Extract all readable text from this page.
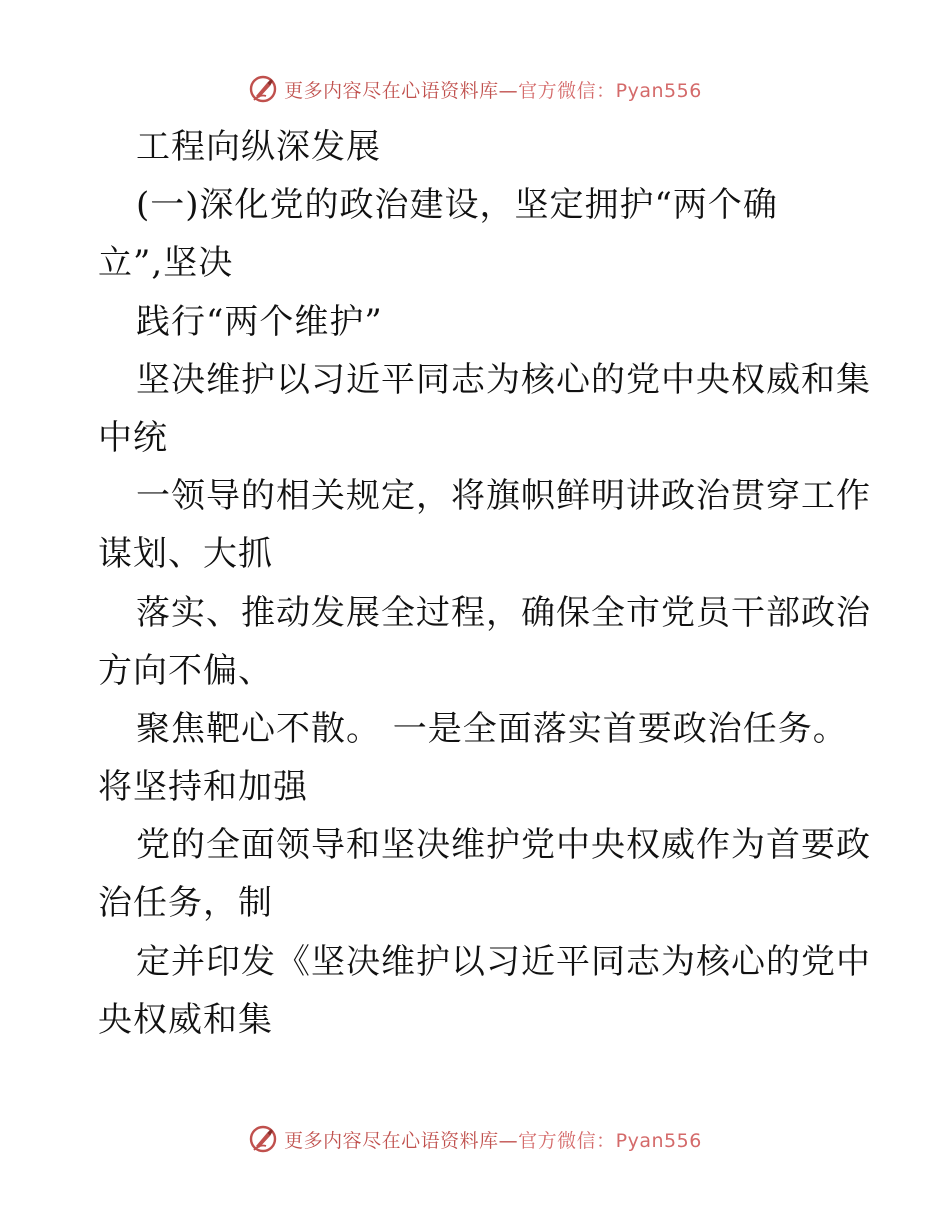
更多内容尽在心语资料库—官方微信：Pyan556
工程向纵深发展
(一)深化党的政治建设，坚定拥护“两个确
立”,坚决
践行“两个维护”
坚决维护以习近平同志为核心的党中央权威和集
中统
一领导的相关规定，将旗帜鲜明讲政治贯穿工作
谋划、大抓
落实、推动发展全过程，确保全市党员干部政治
方向不偏、
聚焦靶心不散。 一是全面落实首要政治任务。
将坚持和加强
党的全面领导和坚决维护党中央权威作为首要政
治任务，制
定并印发《坚决维护以习近平同志为核心的党中
央权威和集
更多内容尽在心语资料库—官方微信：Pyan556
